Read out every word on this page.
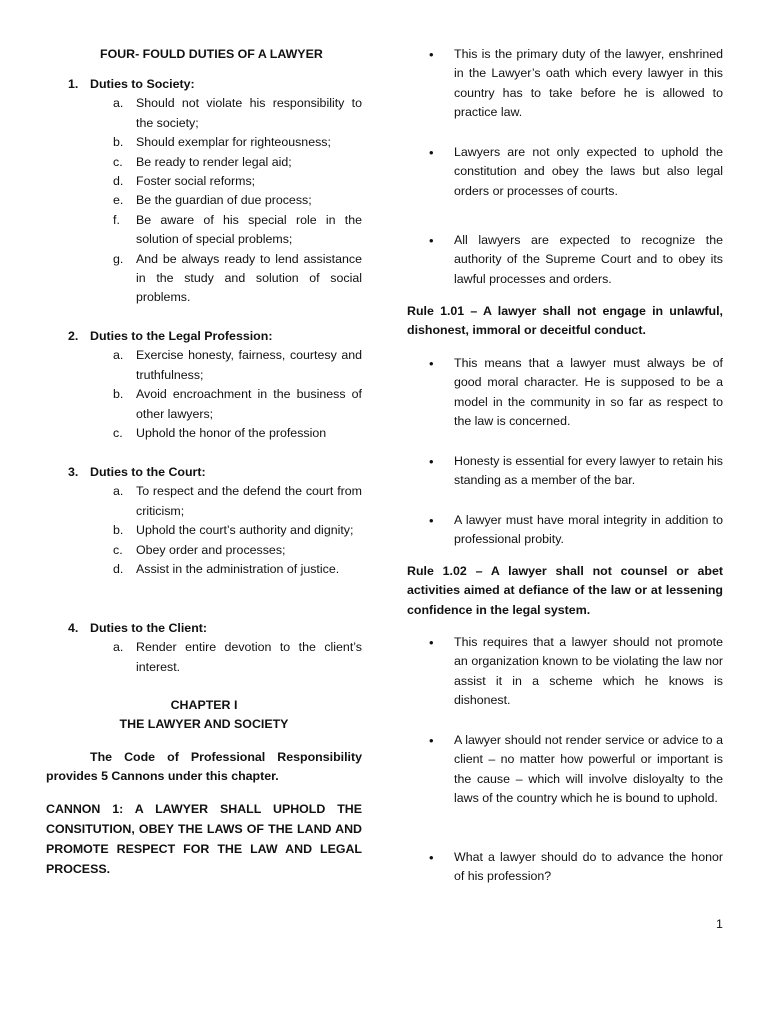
FOUR- FOULD DUTIES OF A LAWYER
1. Duties to Society:
a.	Should not violate his responsibility to the society;
b.	Should exemplar for righteousness;
c.	Be ready to render legal aid;
d.	Foster social reforms;
e.	Be the guardian of due process;
f.	Be aware of his special role in the solution of special problems;
g.	And be always ready to lend assistance in the study and solution of social problems.
2. Duties to the Legal Profession:
a.	Exercise honesty, fairness, courtesy and truthfulness;
b.	Avoid encroachment in the business of other lawyers;
c.	Uphold the honor of the profession
3. Duties to the Court:
a.	To respect and the defend the court from criticism;
b.	Uphold the court’s authority and dignity;
c.	Obey order and processes;
d.	Assist in the administration of justice.
4. Duties to the Client:
a.	Render entire devotion to the client’s interest.
CHAPTER I
THE LAWYER AND SOCIETY
The Code of Professional Responsibility provides 5 Cannons under this chapter.
CANNON 1: A LAWYER SHALL UPHOLD THE CONSITUTION, OBEY THE LAWS OF THE LAND AND PROMOTE RESPECT FOR THE LAW AND LEGAL PROCESS.
•	This is the primary duty of the lawyer, enshrined in the Lawyer’s oath which every lawyer in this country has to take before he is allowed to practice law.
•	Lawyers are not only expected to uphold the constitution and obey the laws but also legal orders or processes of courts.
•	All lawyers are expected to recognize the authority of the Supreme Court and to obey its lawful processes and orders.
Rule 1.01 – A lawyer shall not engage in unlawful, dishonest, immoral or deceitful conduct.
•	This means that a lawyer must always be of good moral character. He is supposed to be a model in the community in so far as respect to the law is concerned.
•	Honesty is essential for every lawyer to retain his standing as a member of the bar.
•	A lawyer must have moral integrity in addition to professional probity.
Rule 1.02 – A lawyer shall not counsel or abet activities aimed at defiance of the law or at lessening confidence in the legal system.
•	This requires that a lawyer should not promote an organization known to be violating the law nor assist it in a scheme which he knows is dishonest.
•	A lawyer should not render service or advice to a client – no matter how powerful or important is the cause – which will involve disloyalty to the laws of the country which he is bound to uphold.
•	What a lawyer should do to advance the honor of his profession?
1
